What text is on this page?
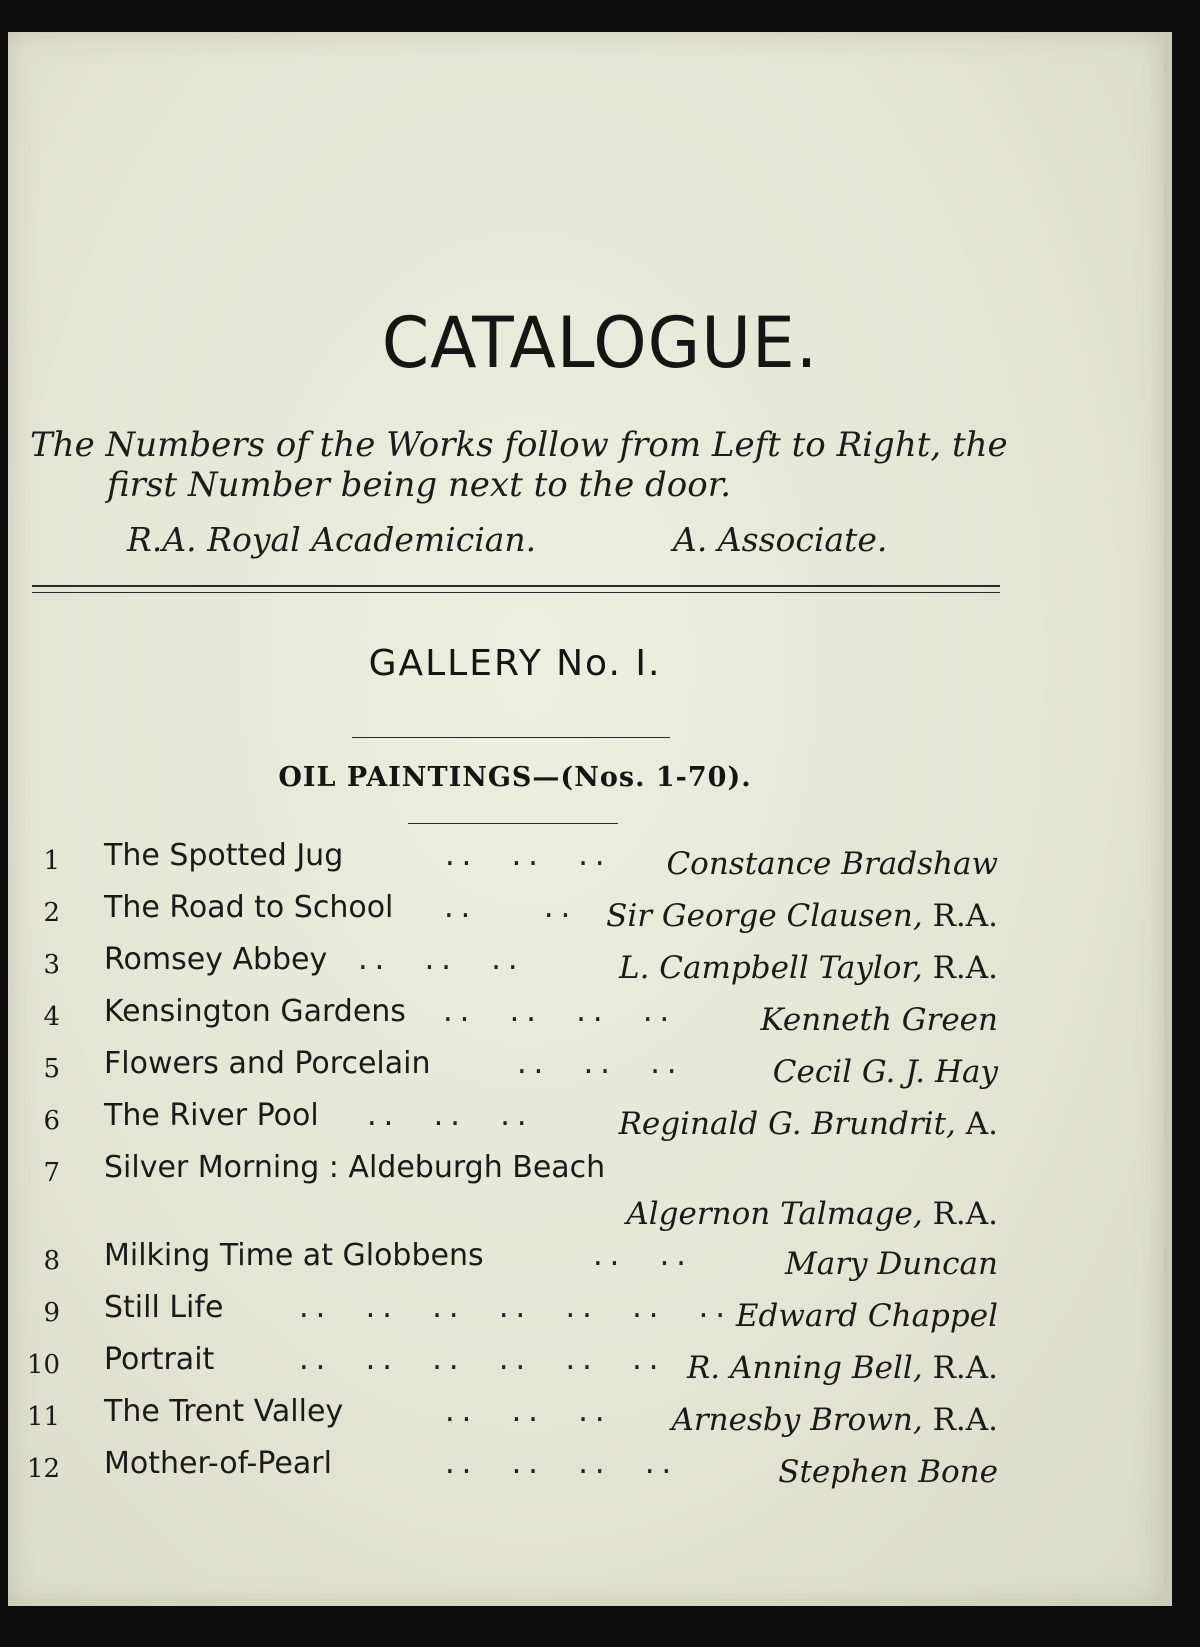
CATALOGUE.
The Numbers of the Works follow from Left to Right, the
first Number being next to the door.
R.A. Royal Academician.	A. Associate.
GALLERY No. I.
OIL PAINTINGS—(Nos. 1-70).
1 The Spotted Jug	..  ..  .. Constance Bradshaw
2 The Road to School ..    .. Sir George Clausen, R.A.
3 Romsey Abbey ..  ..  ..	L. Campbell Taylor, R.A.
4 Kensington Gardens ..  ..  ..  ..	Kenneth Green
5 Flowers and Porcelain	..  ..  ..	Cecil G. J. Hay
6 The River Pool ..  ..  ..	Reginald G. Brundrit, A.
7 Silver Morning : Aldeburgh Beach
Algernon Talmage, R.A.
8 Milking Time at Globbens	..  ..	Mary Duncan
9 Still Life	..  ..  ..  ..  ..  ..  .. Edward Chappel
10 Portrait	..  ..  ..  ..  ..  .. R. Anning Bell, R.A.
11 The Trent Valley	..  ..  .. Arnesby Brown, R.A.
12 Mother-of-Pearl	..  ..  ..  ..	Stephen Bone
